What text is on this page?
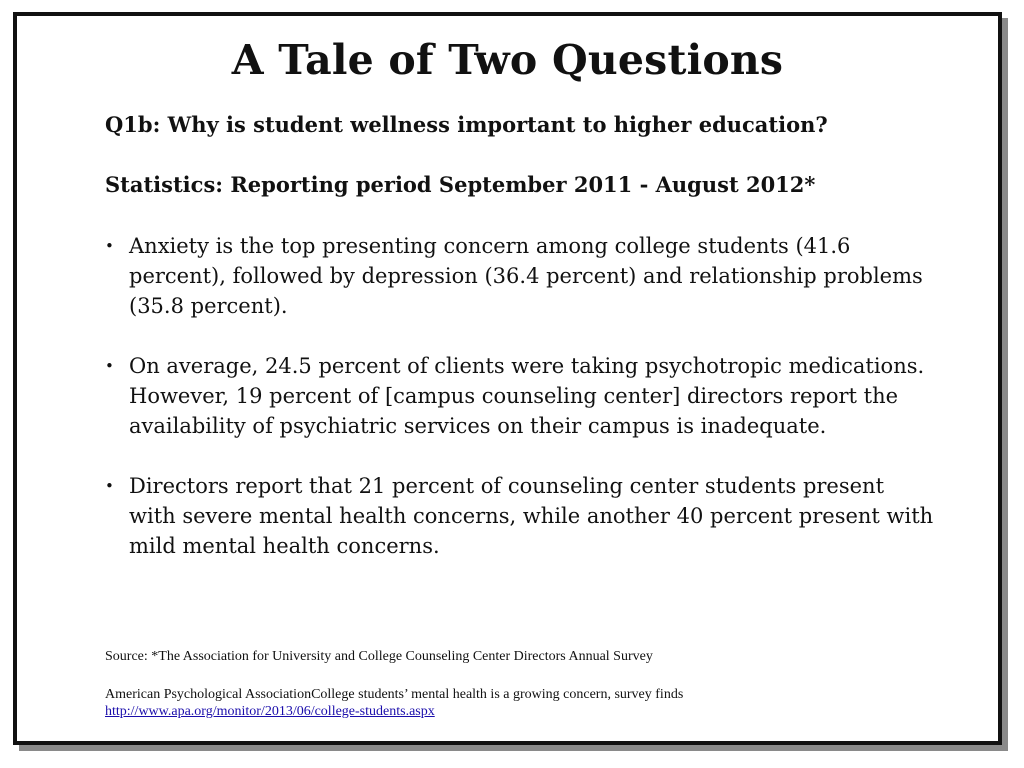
A Tale of Two Questions
Q1b: Why is student wellness important to higher education?
Statistics: Reporting period September 2011 - August 2012*
• Anxiety is the top presenting concern among college students (41.6 percent), followed by depression (36.4 percent) and relationship problems (35.8 percent).
• On average, 24.5 percent of clients were taking psychotropic medications. However, 19 percent of [campus counseling center] directors report the availability of psychiatric services on their campus is inadequate.
• Directors report that 21 percent of counseling center students present with severe mental health concerns, while another 40 percent present with mild mental health concerns.
Source: *The Association for University and College Counseling Center Directors Annual Survey
American Psychological AssociationCollege students’ mental health is a growing concern, survey finds
http://www.apa.org/monitor/2013/06/college-students.aspx
